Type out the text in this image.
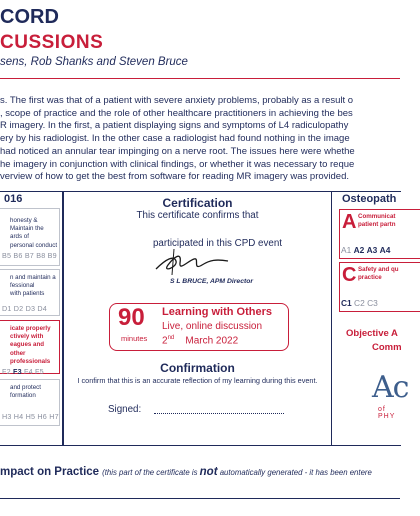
CORD
CUSSIONS
sens, Rob Shanks and Steven Bruce
s. The first was that of a patient with severe anxiety problems, probably as a result o
, scope of practice and the role of other healthcare practitioners in achieving the bes
R imagery. In the first, a patient displaying signs and symptoms of L4 radiculopathy
ery by his radiologist. In the other case a radiologist had found nothing in the image
had noticed an annular tear impinging on a nerve root. The issues here were whethe
he imagery in conjunction with clinical findings, or whether it was necessary to reque
verview of how to get the best from software for reading MR imagery was provided.
016
honesty &
Maintain the
ards of
personal conduct
B5 B6 B7 B8 B9
n and maintain a
fessional
with patients
D1 D2 D3 D4
icate properly
ctively with
eagues and other
professionals
F2 F3 F4 F5
and protect
formation
H3 H4 H5 H6 H7
Certification
This certificate confirms that
participated in this CPD event
S L BRUCE, APM Director
90
minutes
Learning with Others
Live, online discussion
2nd March 2022
Confirmation
I confirm that this is an accurate reflection of my learning during this event.
Signed:
Osteopath
A Communicat
patient partn
A1 A2 A3 A4
C Safety and qu
practice
C1 C2 C3
Objective A
Comm
Ac
of PHY
mpact on Practice (this part of the certificate is not automatically generated - it has been entere
